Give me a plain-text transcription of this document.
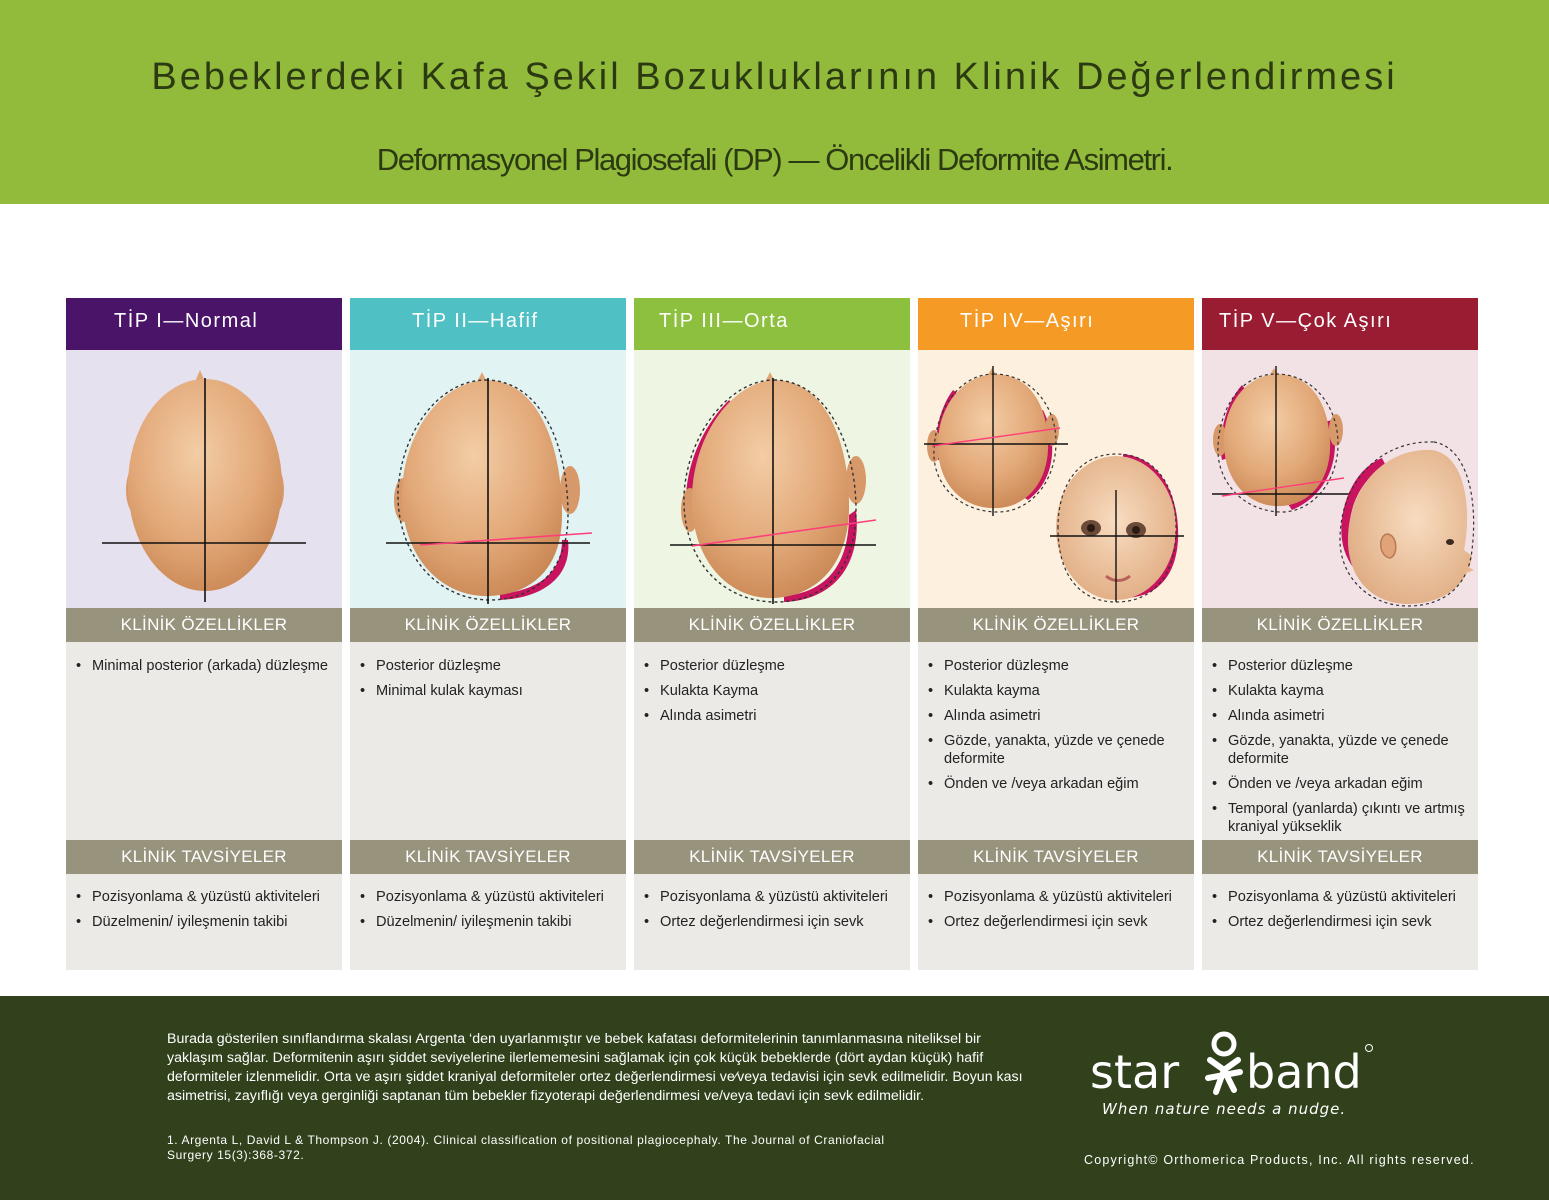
Bebeklerdeki Kafa Şekil Bozukluklarının Klinik Değerlendirmesi
Deformasyonel Plagiosefali (DP) — Öncelikli Deformite Asimetri.
TİP I—Normal
KLİNİK ÖZELLİKLER
• Minimal posterior (arkada) düzleşme
KLİNİK TAVSİYELER
• Pozisyonlama & yüzüstü aktiviteleri
• Düzelmenin/ iyileşmenin takibi
TİP II—Hafif
KLİNİK ÖZELLİKLER
• Posterior düzleşme
• Minimal kulak kayması
KLİNİK TAVSİYELER
• Pozisyonlama & yüzüstü aktiviteleri
• Düzelmenin/ iyileşmenin takibi
TİP III—Orta
KLİNİK ÖZELLİKLER
• Posterior düzleşme
• Kulakta Kayma
• Alında asimetri
KLİNİK TAVSİYELER
• Pozisyonlama & yüzüstü aktiviteleri
• Ortez değerlendirmesi için sevk
TİP IV—Aşırı
KLİNİK ÖZELLİKLER
• Posterior düzleşme
• Kulakta kayma
• Alında asimetri
• Gözde, yanakta, yüzde ve çenede deformite
• Önden ve /veya arkadan eğim
KLİNİK TAVSİYELER
• Pozisyonlama & yüzüstü aktiviteleri
• Ortez değerlendirmesi için sevk
TİP V—Çok Aşırı
KLİNİK ÖZELLİKLER
• Posterior düzleşme
• Kulakta kayma
• Alında asimetri
• Gözde, yanakta, yüzde ve çenede deformite
• Önden ve /veya arkadan eğim
• Temporal (yanlarda) çıkıntı ve artmış kraniyal yükseklik
KLİNİK TAVSİYELER
• Pozisyonlama & yüzüstü aktiviteleri
• Ortez değerlendirmesi için sevk

Burada gösterilen sınıflandırma skalası Argenta ‘den uyarlanmıştır ve bebek kafatası deformitelerinin tanımlanmasına niteliksel bir yaklaşım sağlar. Deformitenin aşırı şiddet seviyelerine ilerlememesini sağlamak için çok küçük bebeklerde (dört aydan küçük) hafif deformiteler izlenmelidir. Orta ve aşırı şiddet kraniyal deformiteler ortez değerlendirmesi ve⁄veya tedavisi için sevk edilmelidir. Boyun kası asimetrisi, zayıflığı veya gerginliği saptanan tüm bebekler fizyoterapi değerlendirmesi ve/veya tedavi için sevk edilmelidir.

1. Argenta L, David L & Thompson J. (2004). Clinical classification of positional plagiocephaly. The Journal of Craniofacial Surgery 15(3):368-372.

star band
When nature needs a nudge.
Copyright© Orthomerica Products, Inc. All rights reserved.
